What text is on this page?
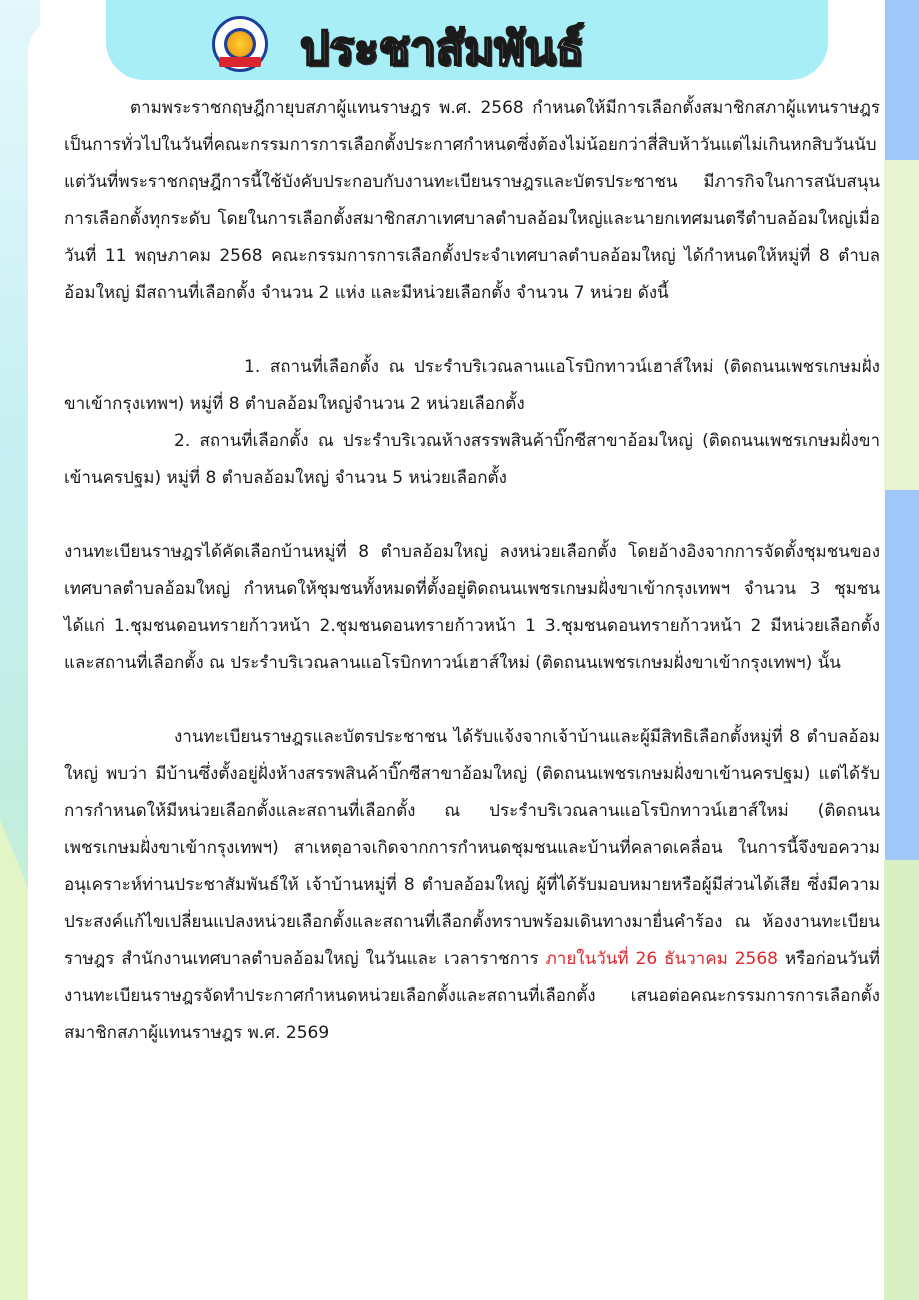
ประชาสัมพันธ์

ตามพระราชกฤษฎีกายุบสภาผู้แทนราษฎร พ.ศ. 2568 กำหนดให้มีการเลือกตั้งสมาชิกสภาผู้แทนราษฎรเป็นการทั่วไปในวันที่คณะกรรมการการเลือกตั้งประกาศกำหนดซึ่งต้องไม่น้อยกว่าสี่สิบห้าวันแต่ไม่เกินหกสิบวันนับแต่วันที่พระราชกฤษฎีการนี้ใช้บังคับประกอบกับงานทะเบียนราษฎรและบัตรประชาชน มีภารกิจในการสนับสนุนการเลือกตั้งทุกระดับ โดยในการเลือกตั้งสมาชิกสภาเทศบาลตำบลอ้อมใหญ่และนายกเทศมนตรีตำบลอ้อมใหญ่เมื่อวันที่ 11 พฤษภาคม 2568 คณะกรรมการการเลือกตั้งประจำเทศบาลตำบลอ้อมใหญ่ ได้กำหนดให้หมู่ที่ 8 ตำบลอ้อมใหญ่ มีสถานที่เลือกตั้ง จำนวน 2 แห่ง และมีหน่วยเลือกตั้ง จำนวน 7 หน่วย ดังนี้

1. สถานที่เลือกตั้ง ณ ประรำบริเวณลานแอโรบิกทาวน์เฮาส์ใหม่ (ติดถนนเพชรเกษมฝั่งขาเข้ากรุงเทพฯ) หมู่ที่ 8 ตำบลอ้อมใหญ่จำนวน 2 หน่วยเลือกตั้ง

2. สถานที่เลือกตั้ง ณ ประรำบริเวณห้างสรรพสินค้าบิ๊กซีสาขาอ้อมใหญ่ (ติดถนนเพชรเกษมฝั่งขาเข้านครปฐม) หมู่ที่ 8 ตำบลอ้อมใหญ่ จำนวน 5 หน่วยเลือกตั้ง

งานทะเบียนราษฎรได้คัดเลือกบ้านหมู่ที่ 8 ตำบลอ้อมใหญ่ ลงหน่วยเลือกตั้ง โดยอ้างอิงจากการจัดตั้งชุมชนของเทศบาลตำบลอ้อมใหญ่ กำหนดให้ชุมชนทั้งหมดที่ตั้งอยู่ติดถนนเพชรเกษมฝั่งขาเข้ากรุงเทพฯ จำนวน 3 ชุมชน ได้แก่ 1.ชุมชนดอนทรายก้าวหน้า 2.ชุมชนดอนทรายก้าวหน้า 1 3.ชุมชนดอนทรายก้าวหน้า 2 มีหน่วยเลือกตั้งและสถานที่เลือกตั้ง ณ ประรำบริเวณลานแอโรบิกทาวน์เฮาส์ใหม่ (ติดถนนเพชรเกษมฝั่งขาเข้ากรุงเทพฯ) นั้น

งานทะเบียนราษฎรและบัตรประชาชน ได้รับแจ้งจากเจ้าบ้านและผู้มีสิทธิเลือกตั้งหมู่ที่ 8 ตำบลอ้อมใหญ่ พบว่า มีบ้านซึ่งตั้งอยู่ฝั่งห้างสรรพสินค้าบิ๊กซีสาขาอ้อมใหญ่ (ติดถนนเพชรเกษมฝั่งขาเข้านครปฐม) แต่ได้รับการกำหนดให้มีหน่วยเลือกตั้งและสถานที่เลือกตั้ง ณ ประรำบริเวณลานแอโรบิกทาวน์เฮาส์ใหม่ (ติดถนนเพชรเกษมฝั่งขาเข้ากรุงเทพฯ) สาเหตุอาจเกิดจากการกำหนดชุมชนและบ้านที่คลาดเคลื่อน ในการนี้จึงขอความอนุเคราะห์ท่านประชาสัมพันธ์ให้ เจ้าบ้านหมู่ที่ 8 ตำบลอ้อมใหญ่ ผู้ที่ได้รับมอบหมายหรือผู้มีส่วนได้เสีย ซึ่งมีความประสงค์แก้ไขเปลี่ยนแปลงหน่วยเลือกตั้งและสถานที่เลือกตั้งทราบพร้อมเดินทางมายื่นคำร้อง ณ ห้องงานทะเบียนราษฎร สำนักงานเทศบาลตำบลอ้อมใหญ่ ในวันและ เวลาราชการ ภายในวันที่ 26 ธันวาคม 2568 หรือก่อนวันที่งานทะเบียนราษฎรจัดทำประกาศกำหนดหน่วยเลือกตั้งและสถานที่เลือกตั้ง เสนอต่อคณะกรรมการการเลือกตั้งสมาชิกสภาผู้แทนราษฎร พ.ศ. 2569
